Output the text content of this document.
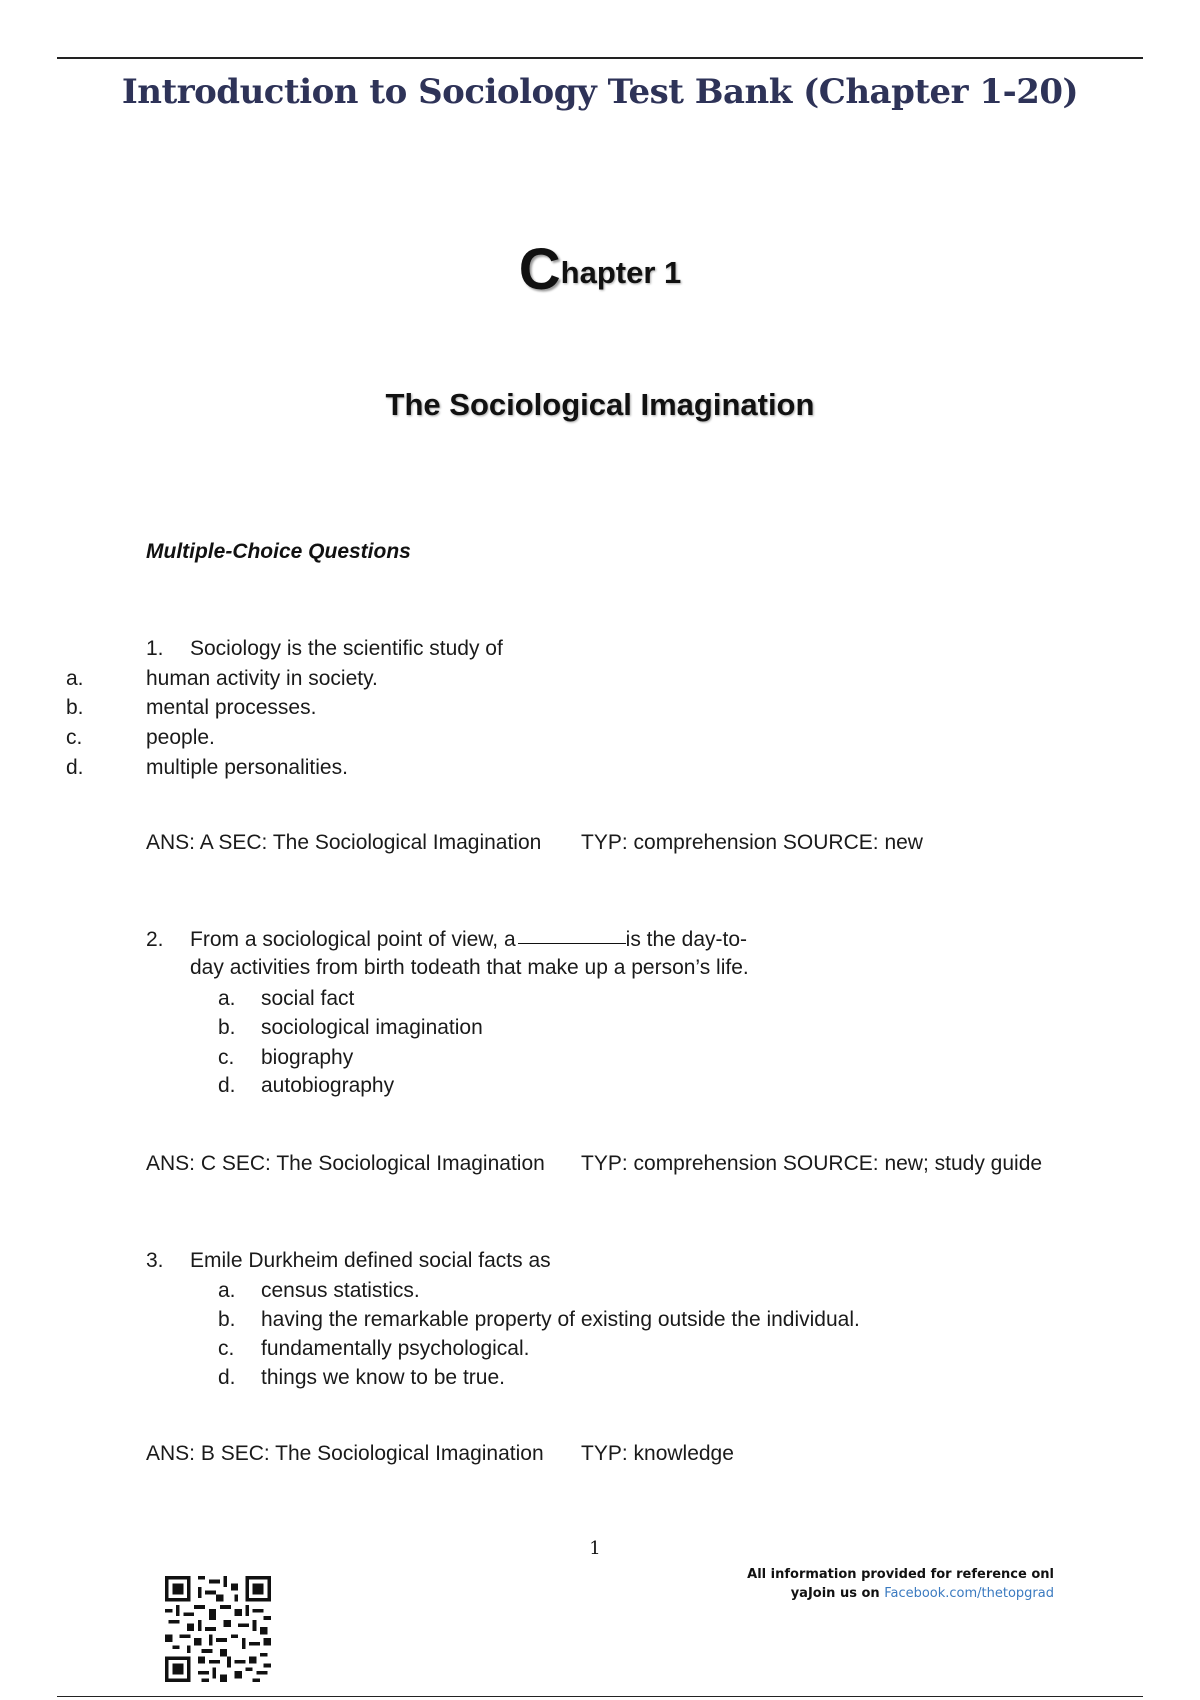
Introduction to Sociology Test Bank (Chapter 1-20)
Chapter 1
The Sociological Imagination
Multiple-Choice Questions
1. Sociology is the scientific study of
a.	human activity in society.
b.	mental processes.
c.	people.
d.	multiple personalities.
ANS: A SEC: The Sociological Imagination TYP: comprehension SOURCE: new
2. From a sociological point of view, a	is the day-to-
day activities from birth todeath that make up a person’s life.
a. social fact
b. sociological imagination
c. biography
d. autobiography
ANS: C SEC: The Sociological Imagination TYP: comprehension SOURCE: new; study guide
3. Emile Durkheim defined social facts as
a. census statistics.
b. having the remarkable property of existing outside the individual.
c. fundamentally psychological.
d. things we know to be true.
ANS: B SEC: The Sociological Imagination TYP: knowledge
1
All information provided for reference onl
yaJoin us on Facebook.com/thetopgrad
